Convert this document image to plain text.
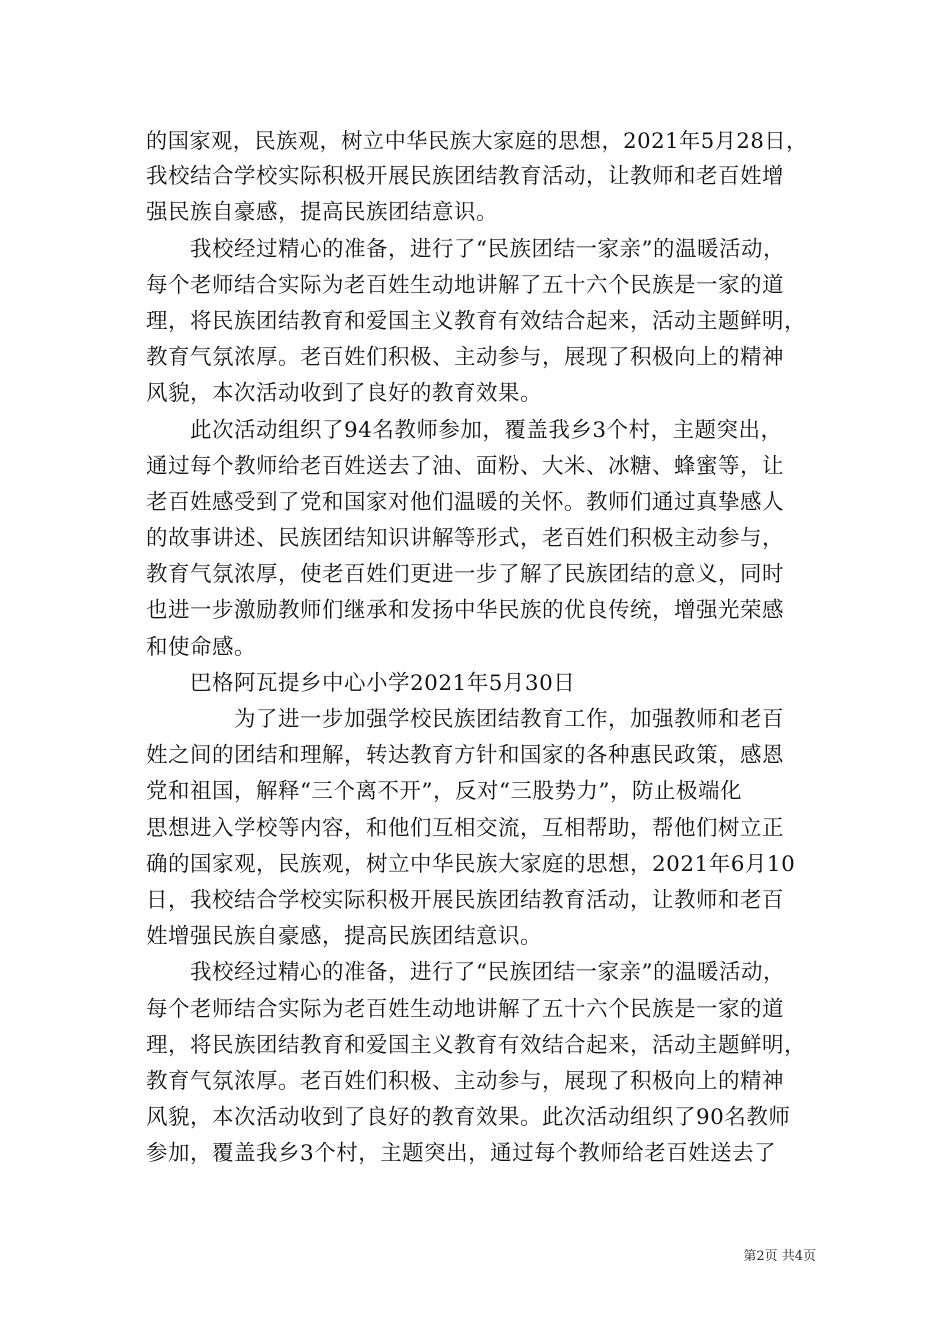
的国家观，民族观，树立中华民族大家庭的思想，2021年5月28日，
我校结合学校实际积极开展民族团结教育活动，让教师和老百姓增
强民族自豪感，提高民族团结意识。
我校经过精心的准备，进行了“民族团结一家亲”的温暖活动，
每个老师结合实际为老百姓生动地讲解了五十六个民族是一家的道
理，将民族团结教育和爱国主义教育有效结合起来，活动主题鲜明，
教育气氛浓厚。老百姓们积极、主动参与，展现了积极向上的精神
风貌，本次活动收到了良好的教育效果。
此次活动组织了94名教师参加，覆盖我乡3个村，主题突出，
通过每个教师给老百姓送去了油、面粉、大米、冰糖、蜂蜜等，让
老百姓感受到了党和国家对他们温暖的关怀。教师们通过真挚感人
的故事讲述、民族团结知识讲解等形式，老百姓们积极主动参与，
教育气氛浓厚，使老百姓们更进一步了解了民族团结的意义，同时
也进一步激励教师们继承和发扬中华民族的优良传统，增强光荣感
和使命感。
巴格阿瓦提乡中心小学2021年5月30日
为了进一步加强学校民族团结教育工作，加强教师和老百
姓之间的团结和理解，转达教育方针和国家的各种惠民政策，感恩
党和祖国，解释“三个离不开”，反对“三股势力”，防止极端化
思想进入学校等内容，和他们互相交流，互相帮助，帮他们树立正
确的国家观，民族观，树立中华民族大家庭的思想，2021年6月10
日，我校结合学校实际积极开展民族团结教育活动，让教师和老百
姓增强民族自豪感，提高民族团结意识。
我校经过精心的准备，进行了“民族团结一家亲”的温暖活动，
每个老师结合实际为老百姓生动地讲解了五十六个民族是一家的道
理，将民族团结教育和爱国主义教育有效结合起来，活动主题鲜明，
教育气氛浓厚。老百姓们积极、主动参与，展现了积极向上的精神
风貌，本次活动收到了良好的教育效果。此次活动组织了90名教师
参加，覆盖我乡3个村，主题突出，通过每个教师给老百姓送去了
第2页 共4页
